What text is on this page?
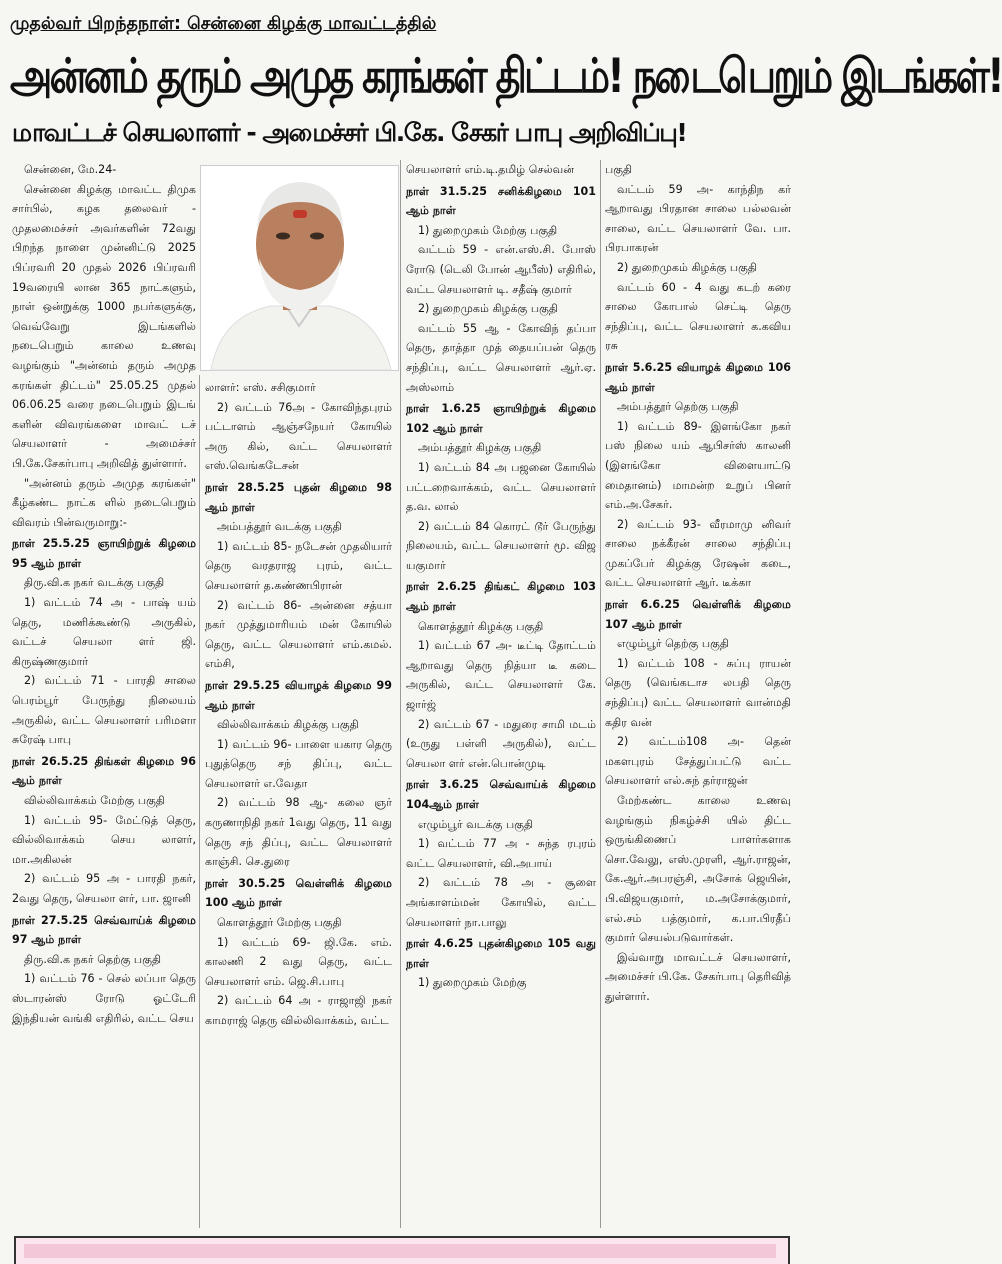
முதல்வர் பிறந்தநாள்: சென்னை கிழக்கு மாவட்டத்தில்
அன்னம் தரும் அமுத கரங்கள் திட்டம்! நடைபெறும் இடங்கள்!
மாவட்டச் செயலாளர் - அமைச்சர் பி.கே. சேகர் பாபு அறிவிப்பு!

சென்னை, மே.24-

சென்னை கிழக்கு மாவட்ட திமுக சார்பில், கழக தலைவர் - முதலமைச்சர் அவர்களின் 72வது பிறந்த நாளை முன்னிட்டு 2025 பிப்ரவரி 20 முதல் 2026 பிப்ரவரி 19வரையி லான 365 நாட்களும், நாள் ஒன்றுக்கு 1000 நபர்களுக்கு, வெவ்வேறு இடங்களில் நடைபெறும் காலை உணவு வழங்கும் "அன்னம் தரும் அமுத கரங்கள் திட்டம்" 25.05.25 முதல் 06.06.25 வரை நடைபெறும் இடங் களின் விவரங்களை மாவட் டச் செயலாளர் - அமைச்சர் பி.கே.சேகர்பாபு அறிவித் துள்ளார்.

"அன்னம் தரும் அமுத கரங்கள்" கீழ்கண்ட நாட்க ளில் நடைபெறும் விவரம் பின்வருமாறு:-

நாள் 25.5.25 ஞாயிற்றுக் கிழமை 95 ஆம் நாள்

திரு.வி.க நகர் வடக்கு பகுதி

1) வட்டம் 74 அ - பாஷ் யம் தெரு, மணிக்கூண்டு அருகில், வட்டச் செயலா ளர் ஜி. கிருஷ்ணகுமார்

2) வட்டம் 71 - பாரதி சாலை பெரம்பூர் பேருந்து நிலையம் அருகில், வட்ட செயலாளர் பரிமளா சுரேஷ் பாபு

நாள் 26.5.25 திங்கள் கிழமை 96 ஆம் நாள்

வில்லிவாக்கம் மேற்கு பகுதி

1) வட்டம் 95- மேட்டுத் தெரு, வில்லிவாக்கம் செய லாளர், மா.அகிலன்

2) வட்டம் 95 அ - பாரதி நகர், 2வது தெரு, செயலா ளர், பா. ஜானி

நாள் 27.5.25 செவ்வாய்க் கிழமை 97 ஆம் நாள்

திரு.வி.க நகர் தெற்கு பகுதி

1) வட்டம் 76 - செல் லப்பா தெரு ஸ்டாரன்ஸ் ரோடு ஓட்டேரி இந்தியன் வங்கி எதிரில், வட்ட செய

லாளர்: எஸ். சசிகுமார்

2) வட்டம் 76அ - கோவிந்தபுரம் பட்டாளம் ஆஞ்சநேயர் கோயில் அரு கில், வட்ட செயலாளர் எஸ்.வெங்கடேசன்

நாள் 28.5.25 புதன் கிழமை 98 ஆம் நாள்

அம்பத்தூர் வடக்கு பகுதி

1) வட்டம் 85- நடேசன் முதலியார் தெரு வரதராஜ புரம், வட்ட செயலாளர் த.கண்ணபிரான்

2) வட்டம் 86- அன்னை சத்யா நகர் முத்துமாரியம் மன் கோயில் தெரு, வட்ட செயலாளர் எம்.கமல். எம்சி,

நாள் 29.5.25 வியாழக் கிழமை 99 ஆம் நாள்

வில்லிவாக்கம் கிழக்கு பகுதி

1) வட்டம் 96- பாளை யகார தெரு புதுத்தெரு சந் திப்பு, வட்ட செயலாளர் எ.வேதா

2) வட்டம் 98 ஆ- கலை ஞர் கருணாநிதி நகர் 1வது தெரு, 11 வது தெரு சந் திப்பு, வட்ட செயலாளர் காஞ்சி. செ.துரை

நாள் 30.5.25 வெள்ளிக் கிழமை 100 ஆம் நாள்

கொளத்தூர் மேற்கு பகுதி

1) வட்டம் 69- ஜி.கே. எம். காலணி 2 வது தெரு, வட்ட செயலாளர் எம். ஜெ.சி.பாபு

2) வட்டம் 64 அ - ராஜாஜி நகர் காமராஜ் தெரு வில்லிவாக்கம், வட்ட

செயலாளர் எம்.டி.தமிழ் செல்வன்

நாள் 31.5.25 சனிக்கிழமை 101 ஆம் நாள்

1) துறைமுகம் மேற்கு பகுதி

வட்டம் 59 - என்.எஸ்.சி. போஸ் ரோடு (டெலி போன் ஆபீஸ்) எதிரில், வட்ட செயலாளர் டி. சதீஷ் குமார்

2) துறைமுகம் கிழக்கு பகுதி

வட்டம் 55 ஆ - கோவிந் தப்பா தெரு, தாத்தா முத் தையப்பன் தெரு சந்திப்பு, வட்ட செயலாளர் ஆர்.ஏ. அஸ்லாம்

நாள் 1.6.25 ஞாயிற்றுக் கிழமை 102 ஆம் நாள்

அம்பத்தூர் கிழக்கு பகுதி

1) வட்டம் 84 அ பஜனை கோயில் பட்டறைவாக்கம், வட்ட செயலாளர் த.வ. லால்

2) வட்டம் 84 கொரட் டூர் பேருந்து நிலையம், வட்ட செயலாளர் மூ. விஜ யகுமார்

நாள் 2.6.25 திங்கட் கிழமை 103 ஆம் நாள்

கொளத்தூர் கிழக்கு பகுதி

1) வட்டம் 67 அ- டீட்டி தோட்டம் ஆறாவது தெரு நித்யா டீ கடை அருகில், வட்ட செயலாளர் கே. ஜார்ஜ்

2) வட்டம் 67 - மதுரை சாமி மடம் (உருது பள்ளி அருகில்), வட்ட செயலா ளர் என்.பொன்முடி

நாள் 3.6.25 செவ்வாய்க் கிழமை 104ஆம் நாள்

எழும்பூர் வடக்கு பகுதி

1) வட்டம் 77 அ - சுந்த ரபுரம் வட்ட செயலாளர், வி.அபாய்

2) வட்டம் 78 அ - சூளை அங்காளம்மன் கோயில், வட்ட செயலாளர் நா.பாலு

நாள் 4.6.25 புதன்கிழமை 105 வது நாள்

1) துறைமுகம் மேற்கு

பகுதி

வட்டம் 59 அ- காந்திந கர் ஆறாவது பிரதான சாலை பல்லவன் சாலை, வட்ட செயலாளர் வே. பா. பிரபாகரன்

2) துறைமுகம் கிழக்கு பகுதி

வட்டம் 60 - 4 வது கடற் கரை சாலை கோபால் செட்டி தெரு சந்திப்பு, வட்ட செயலாளர் க.கவிய ரசு

நாள் 5.6.25 வியாழக் கிழமை 106 ஆம் நாள்

அம்பத்தூர் தெற்கு பகுதி

1) வட்டம் 89- இளங்கோ நகர் பஸ் நிலை யம் ஆபிசர்ஸ் காலனி (இளங்கோ விளையாட்டு மைதானம்) மாமன்ற உறுப் பினர் எம்.அ.சேகர்.

2) வட்டம் 93- வீரமாமு னிவர் சாலை நக்கீரன் சாலை சந்திப்பு முகப்பேர் கிழக்கு ரேஷன் கடை, வட்ட செயலாளர் ஆர். டீக்கா

நாள் 6.6.25 வெள்ளிக் கிழமை 107 ஆம் நாள்

எழும்பூர் தெற்கு பகுதி

1) வட்டம் 108 - சுப்பு ராயன் தெரு (வெங்கடாச லபதி தெரு சந்திப்பு) வட்ட செயலாளர் வான்மதி கதிர வன்

2) வட்டம்108 அ- தென் மகளபுரம் சேத்துப்பட்டு வட்ட செயலாளர் எல்.சுந் தர்ராஜன்

மேற்கண்ட காலை உணவு வழங்கும் நிகழ்ச்சி யில் திட்ட ஒருங்கிணைப் பாளர்களாக சொ.வேலு, எஸ்.முரளி, ஆர்.ராஜன், கே.ஆர்.அபரஞ்சி, அசோக் ஜெயின், பி.விஜயகுமார், ம.அசோக்குமார், எல்.சம் பத்குமார், க.பா.பிரதீப் குமார் செயல்படுவார்கள்.

இவ்வாறு மாவட்டச் செயலாளர், அமைச்சர் பி.கே. சேகர்பாபு தெரிவித் துள்ளார்.
